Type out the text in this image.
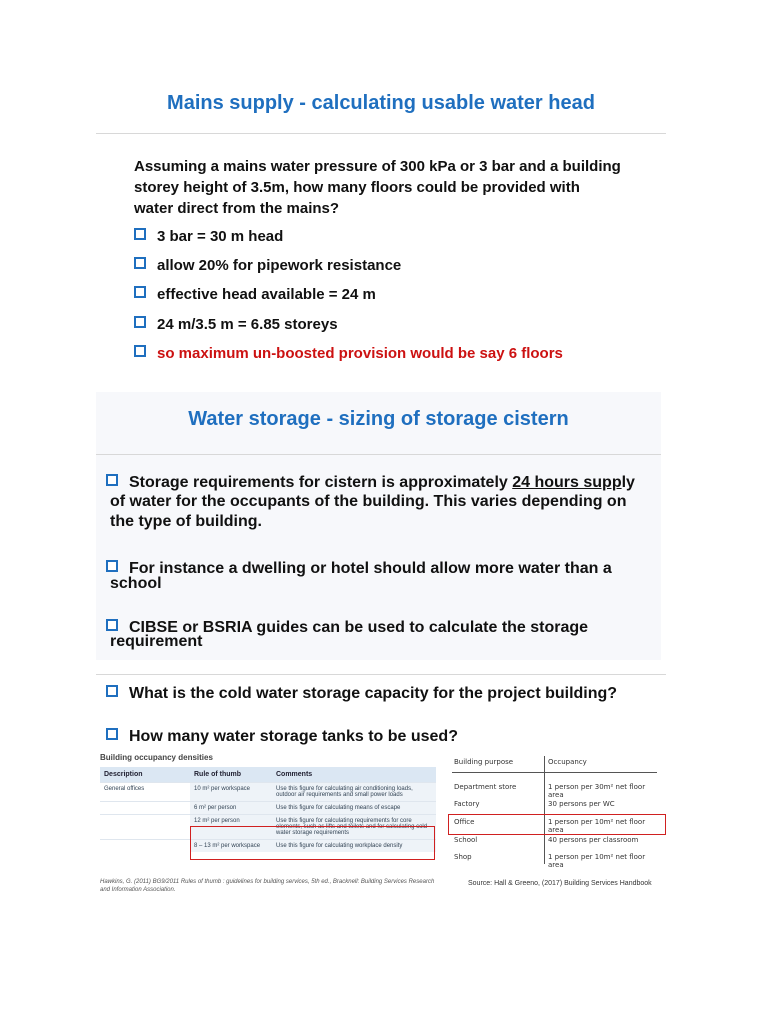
Mains supply - calculating usable water head
Assuming a mains water pressure of 300 kPa or 3 bar and a building
storey height of 3.5m, how many floors could be provided with
water direct from the mains?
3 bar = 30 m head
allow 20% for pipework resistance
effective head available = 24 m
24 m/3.5 m = 6.85 storeys
so maximum un-boosted provision would be say 6 floors
Water storage - sizing of storage cistern
Storage requirements for cistern is approximately 24 hours supply
of water for the occupants of the building. This varies depending on
the type of building.
For instance a dwelling or hotel should allow more water than a
school
CIBSE or BSRIA guides can be used to calculate the storage
requirement
What is the cold water storage capacity for the project building?
How many water storage tanks to be used?
Building occupancy densities
Description	Rule of thumb	Comments
General offices	10 m² per workspace	Use this figure for calculating air conditioning loads, outdoor air requirements and small power loads
	6 m² per person	Use this figure for calculating means of escape
	12 m² per person	Use this figure for calculating requirements for core elements, such as lifts and toilets and for calculating cold water storage requirements
	8 – 13 m² per workspace	Use this figure for calculating workplace density
Hawkins, G. (2011) BG9/2011 Rules of thumb : guidelines for building services, 5th ed., Bracknell: Building Services Research and Information Association.
Building purpose	Occupancy
Department store	1 person per 30m² net floor area
Factory	30 persons per WC
Office	1 person per 10m² net floor area
School	40 persons per classroom
Shop	1 person per 10m² net floor area
Source: Hall & Greeno, (2017) Building Services Handbook
